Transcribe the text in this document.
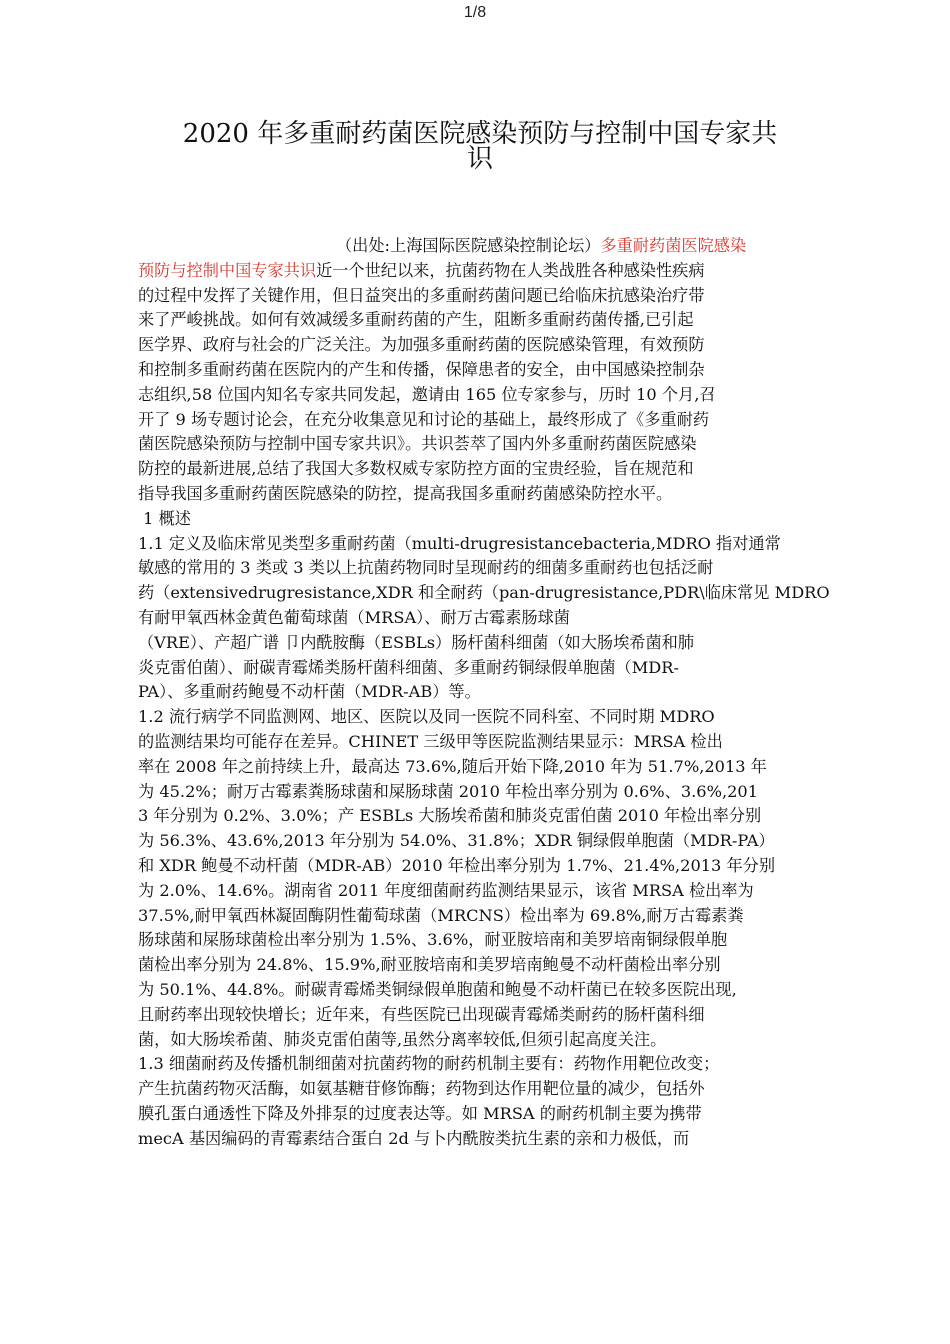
1/8
2020 年多重耐药菌医院感染预防与控制中国专家共
识
（出处:上海国际医院感染控制论坛）多重耐药菌医院感染
预防与控制中国专家共识近一个世纪以来，抗菌药物在人类战胜各种感染性疾病
的过程中发挥了关键作用，但日益突出的多重耐药菌问题已给临床抗感染治疗带
来了严峻挑战。如何有效减缓多重耐药菌的产生，阻断多重耐药菌传播,已引起
医学界、政府与社会的广泛关注。为加强多重耐药菌的医院感染管理，有效预防
和控制多重耐药菌在医院内的产生和传播，保障患者的安全，由中国感染控制杂
志组织,58 位国内知名专家共同发起，邀请由 165 位专家参与，历时 10 个月,召
开了 9 场专题讨论会，在充分收集意见和讨论的基础上，最终形成了《多重耐药
菌医院感染预防与控制中国专家共识》。共识荟萃了国内外多重耐药菌医院感染
防控的最新进展,总结了我国大多数权威专家防控方面的宝贵经验，旨在规范和
指导我国多重耐药菌医院感染的防控，提高我国多重耐药菌感染防控水平。
1 概述
1.1 定义及临床常见类型多重耐药菌（multi-drugresistancebacteria,MDRO 指对通常
敏感的常用的 3 类或 3 类以上抗菌药物同时呈现耐药的细菌多重耐药也包括泛耐
药（extensivedrugresistance,XDR 和全耐药（pan-drugresistance,PDR\临床常见 MDRO
有耐甲氧西林金黄色葡萄球菌（MRSA）、耐万古霉素肠球菌
（VRE）、产超广谱 卩内酰胺酶（ESBLs）肠杆菌科细菌（如大肠埃希菌和肺
炎克雷伯菌）、耐碳青霉烯类肠杆菌科细菌、多重耐药铜绿假单胞菌（MDR-
PA）、多重耐药鲍曼不动杆菌（MDR-AB）等。
1.2 流行病学不同监测网、地区、医院以及同一医院不同科室、不同时期 MDRO
的监测结果均可能存在差异。CHINET 三级甲等医院监测结果显示：MRSA 检出
率在 2008 年之前持续上升，最高达 73.6%,随后开始下降,2010 年为 51.7%,2013 年
为 45.2%；耐万古霉素粪肠球菌和屎肠球菌 2010 年检出率分别为 0.6%、3.6%,201
3 年分别为 0.2%、3.0%；产 ESBLs 大肠埃希菌和肺炎克雷伯菌 2010 年检出率分别
为 56.3%、43.6%,2013 年分别为 54.0%、31.8%；XDR 铜绿假单胞菌（MDR-PA）
和 XDR 鲍曼不动杆菌（MDR-AB）2010 年检出率分别为 1.7%、21.4%,2013 年分别
为 2.0%、14.6%。湖南省 2011 年度细菌耐药监测结果显示，该省 MRSA 检出率为
37.5%,耐甲氧西林凝固酶阴性葡萄球菌（MRCNS）检出率为 69.8%,耐万古霉素粪
肠球菌和屎肠球菌检出率分别为 1.5%、3.6%，耐亚胺培南和美罗培南铜绿假单胞
菌检出率分别为 24.8%、15.9%,耐亚胺培南和美罗培南鲍曼不动杆菌检出率分别
为 50.1%、44.8%。耐碳青霉烯类铜绿假单胞菌和鲍曼不动杆菌已在较多医院出现,
且耐药率出现较快增长；近年来，有些医院已出现碳青霉烯类耐药的肠杆菌科细
菌，如大肠埃希菌、肺炎克雷伯菌等,虽然分离率较低,但须引起高度关注。
1.3 细菌耐药及传播机制细菌对抗菌药物的耐药机制主要有：药物作用靶位改变；
产生抗菌药物灭活酶，如氨基糖苷修饰酶；药物到达作用靶位量的减少，包括外
膜孔蛋白通透性下降及外排泵的过度表达等。如 MRSA 的耐药机制主要为携带
mecA 基因编码的青霉素结合蛋白 2d 与卜内酰胺类抗生素的亲和力极低，而
